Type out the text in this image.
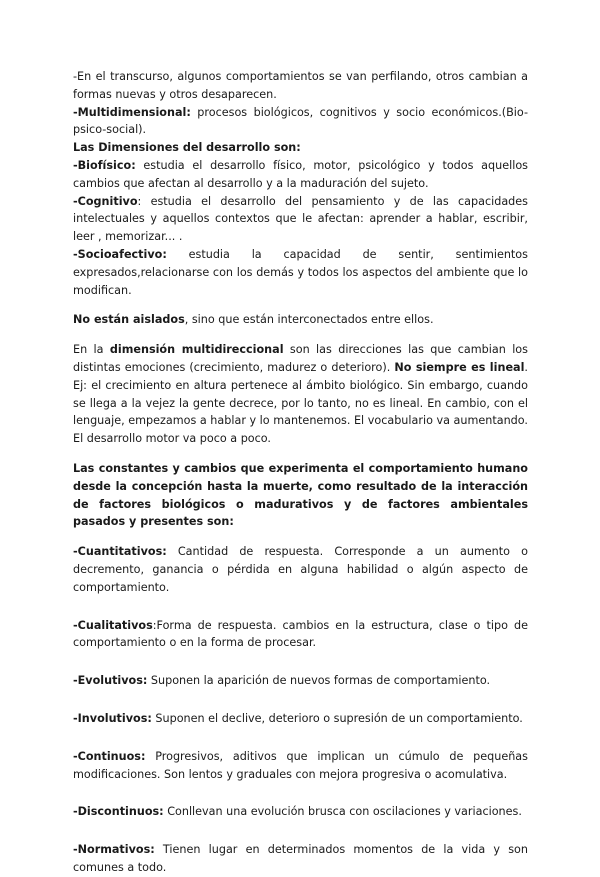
-En el transcurso, algunos comportamientos se van perfilando, otros cambian a formas nuevas y otros desaparecen.

-Multidimensional: procesos biológicos, cognitivos y socio económicos.(Bio-psico-social).

Las Dimensiones del desarrollo son:

-Biofísico: estudia el desarrollo físico, motor, psicológico y todos aquellos cambios que afectan al desarrollo y a la maduración del sujeto.

-Cognitivo: estudia el desarrollo del pensamiento y de las capacidades intelectuales y aquellos contextos que le afectan: aprender a hablar, escribir, leer , memorizar... .

-Socioafectivo: estudia la capacidad de sentir, sentimientos expresados,relacionarse con los demás y todos los aspectos del ambiente que lo modifican.

No están aislados, sino que están interconectados entre ellos.

En la dimensión multidireccional son las direcciones las que cambian los distintas emociones (crecimiento, madurez o deterioro). No siempre es lineal. Ej: el crecimiento en altura pertenece al ámbito biológico. Sin embargo, cuando se llega a la vejez la gente decrece, por lo tanto, no es lineal. En cambio, con el lenguaje, empezamos a hablar y lo mantenemos. El vocabulario va aumentando. El desarrollo motor va poco a poco.

Las constantes y cambios que experimenta el comportamiento humano desde la concepción hasta la muerte, como resultado de la interacción de factores biológicos o madurativos y de factores ambientales pasados y presentes son:

-Cuantitativos: Cantidad de respuesta. Corresponde a un aumento o decremento, ganancia o pérdida en alguna habilidad o algún aspecto de comportamiento.

-Cualitativos:Forma de respuesta. cambios en la estructura, clase o tipo de comportamiento o en la forma de procesar.

-Evolutivos: Suponen la aparición de nuevos formas de comportamiento.

-Involutivos: Suponen el declive, deterioro o supresión de un comportamiento.

-Continuos: Progresivos, aditivos que implican un cúmulo de pequeñas modificaciones. Son lentos y graduales con mejora progresiva o acomulativa.

-Discontinuos: Conllevan una evolución brusca con oscilaciones y variaciones.

-Normativos: Tienen lugar en determinados momentos de la vida y son comunes a todo.
